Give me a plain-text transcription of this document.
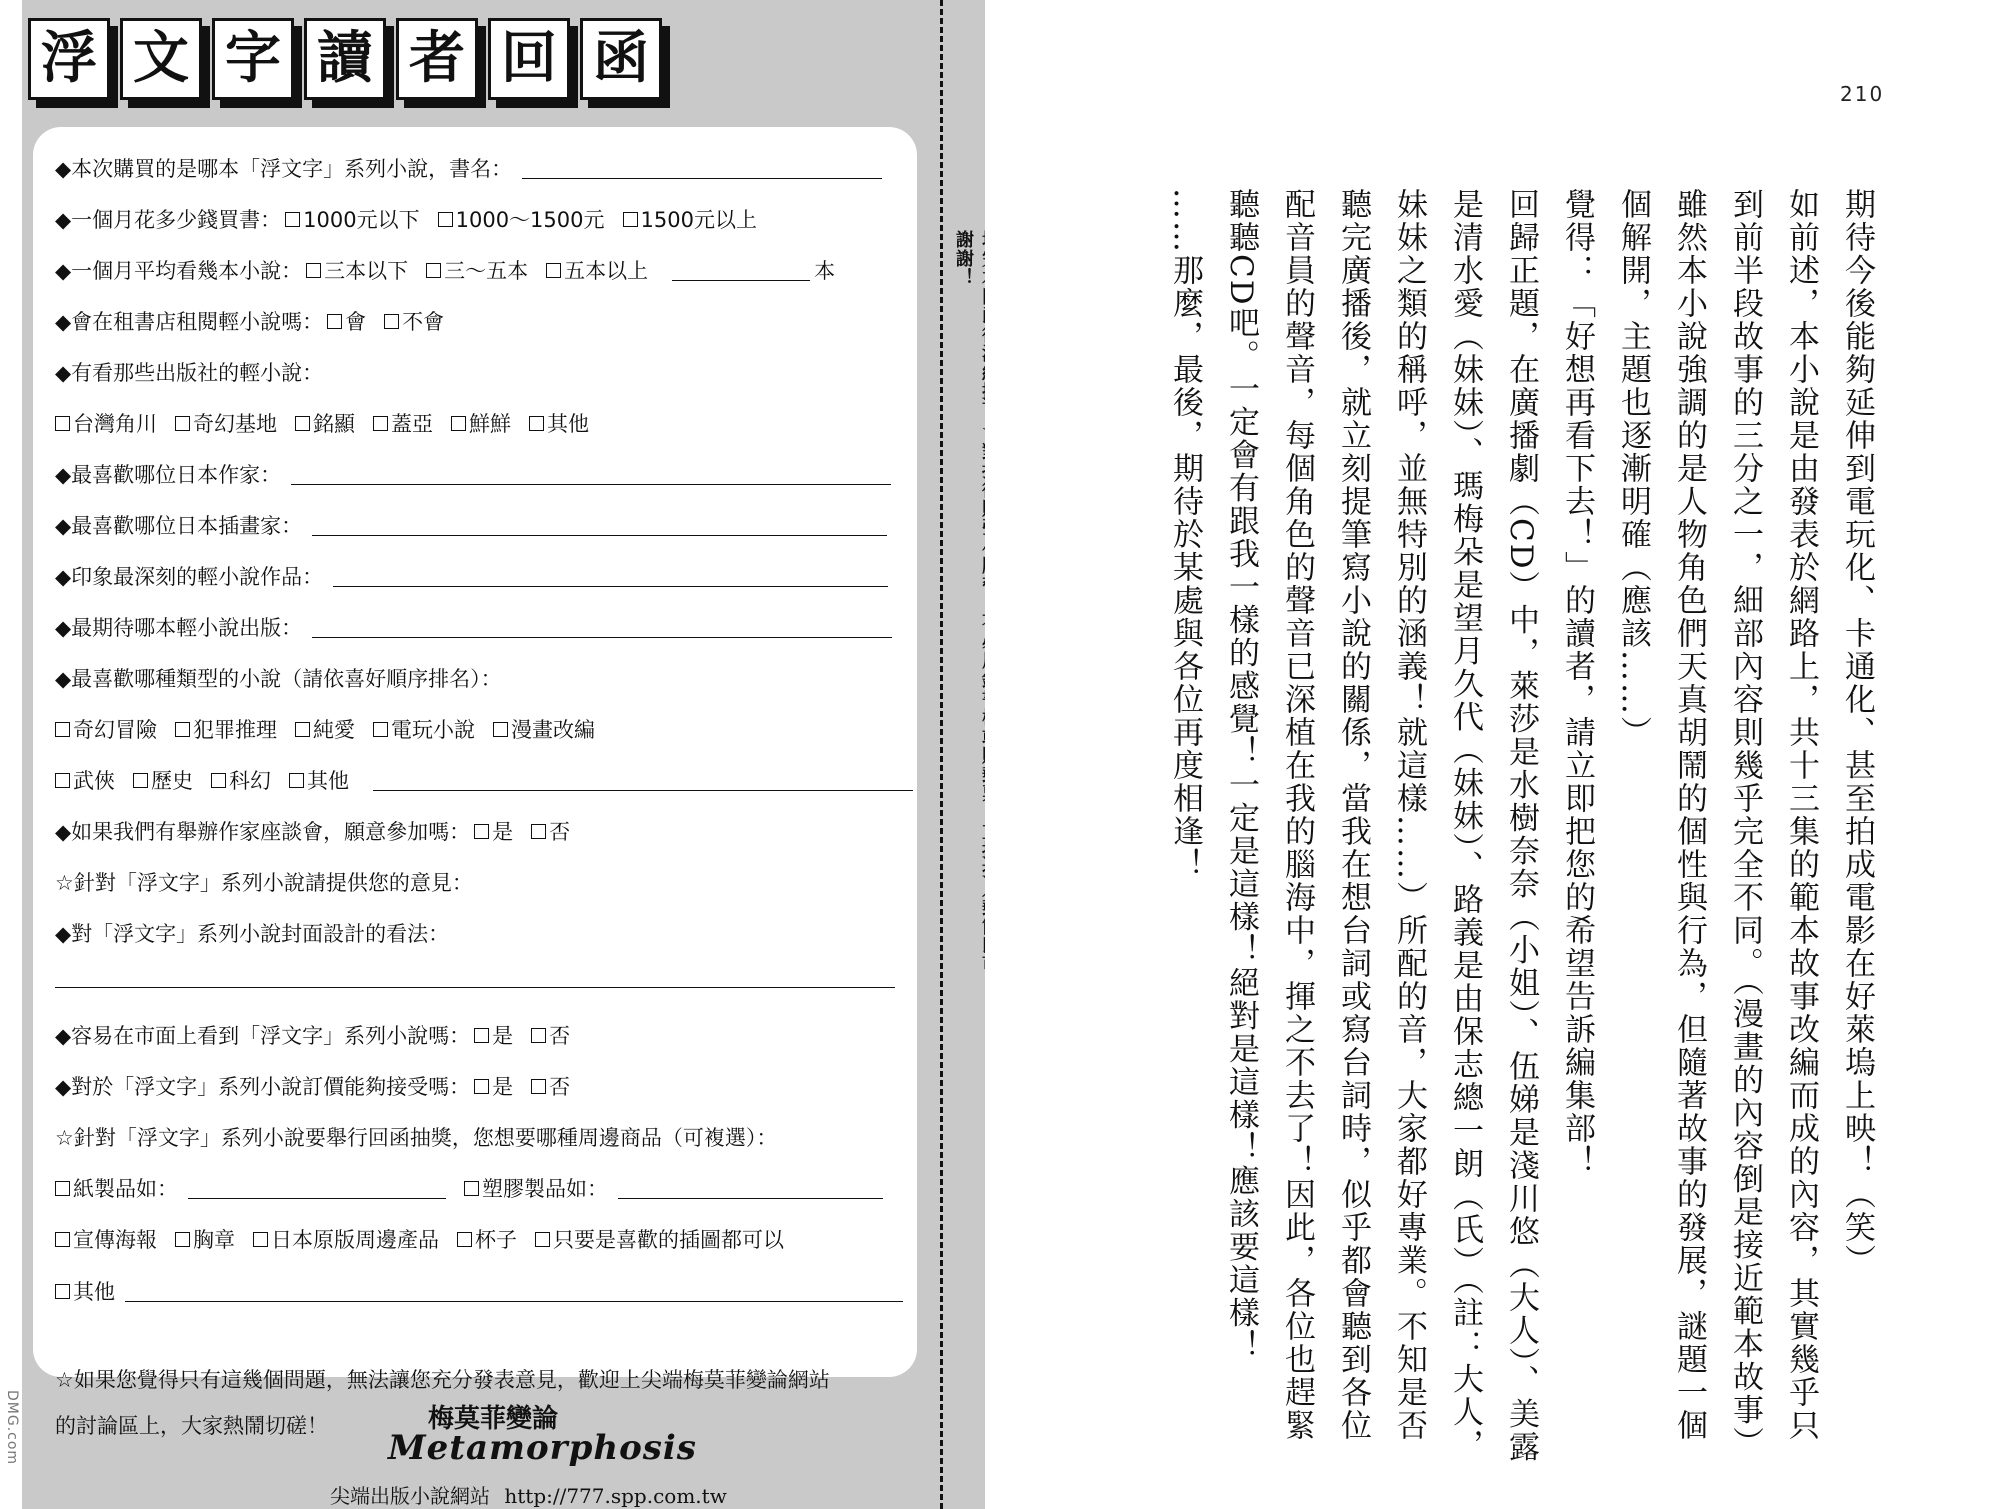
DMG.com
浮 文 字 讀 者 回 函
◆本次購買的是哪本「浮文字」系列小說，書名：
◆一個月花多少錢買書： 1000元以下 1000～1500元 1500元以上
◆一個月平均看幾本小說： 三本以下 三～五本 五本以上	本
◆會在租書店租閱輕小說嗎： 會 不會
◆有看那些出版社的輕小說：
台灣角川 奇幻基地 銘顯 蓋亞 鮮鮮 其他
◆最喜歡哪位日本作家：
◆最喜歡哪位日本插畫家：
◆印象最深刻的輕小說作品：
◆最期待哪本輕小說出版：
◆最喜歡哪種類型的小說（請依喜好順序排名）：
奇幻冒險 犯罪推理 純愛 電玩小說 漫畫改編
武俠 歷史 科幻 其他
◆如果我們有舉辦作家座談會，願意參加嗎： 是 否
☆針對「浮文字」系列小說請提供您的意見：
◆對「浮文字」系列小說封面設計的看法：
◆容易在市面上看到「浮文字」系列小說嗎： 是 否
◆對於「浮文字」系列小說訂價能夠接受嗎： 是 否
☆針對「浮文字」系列小說要舉行回函抽獎，您想要哪種周邊商品（可複選）：
紙製品如：	塑膠製品如：
宣傳海報 胸章 日本原版周邊產品 杯子 只要是喜歡的插圖都可以
其他
☆如果您覺得只有這幾個問題，無法讓您充分發表意見，歡迎上尖端梅莫菲變論網站
的討論區上，大家熱鬧切磋！	梅莫菲變論
Metamorphosis
尖端出版小說網站 http://777.spp.com.tw
謝謝！
210

期待今後能夠延伸到電玩化、卡通化、甚至拍成電影在好萊塢上映！（笑）

如前述，本小說是由發表於網路上，共十三集的範本故事改編而成的內容，其實幾乎只到前半段故事的三分之一，細部內容則幾乎完全不同。（漫畫的內容倒是接近範本故事）

雖然本小說強調的是人物角色們天真胡鬧的個性與行為，但隨著故事的發展，謎題一個個解開，主題也逐漸明確（應該……）

覺得：「好想再看下去！」的讀者，請立即把您的希望告訴編集部！

回歸正題，在廣播劇（CD）中，萊莎是水樹奈奈（小姐）、伍娣是淺川悠（大人）、美露是清水愛（妹妹）、瑪梅朵是望月久代（妹妹）、路義是由保志總一朗（氏）（註：大人，妹妹之類的稱呼，並無特別的涵義！就這樣……）所配的音，大家都好專業。不知是否聽完廣播後，就立刻提筆寫小說的關係，當我在想台詞或寫台詞時，似乎都會聽到各位配音員的聲音，每個角色的聲音已深植在我的腦海中，揮之不去了！因此，各位也趕緊聽聽CD吧。一定會有跟我一樣的感覺！一定是這樣！絕對是這樣！應該要這樣！

……那麼，最後，期待於某處與各位再度相逢！
